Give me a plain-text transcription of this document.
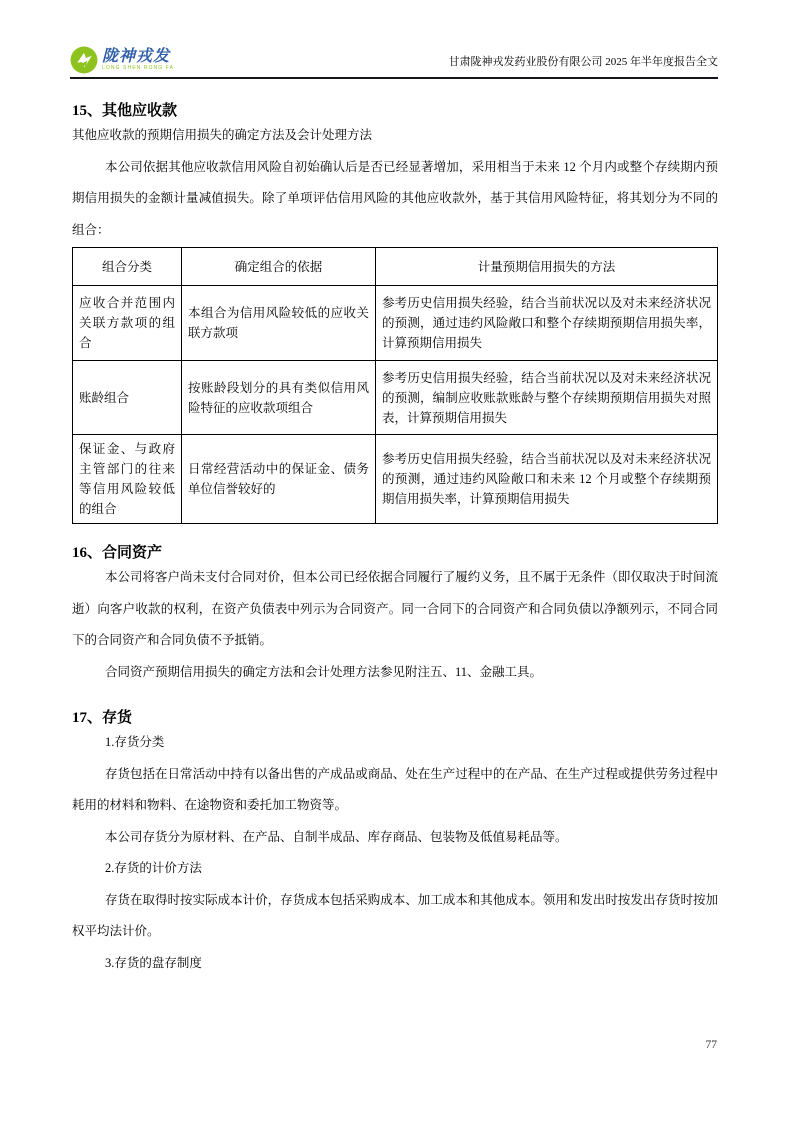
陇神戎发
LONG SHEN RONG FA	甘肃陇神戎发药业股份有限公司 2025 年半年度报告全文
15、其他应收款

其他应收款的预期信用损失的确定方法及会计处理方法

本公司依据其他应收款信用风险自初始确认后是否已经显著增加，采用相当于未来 12 个月内或整个存续期内预期信用损失的金额计量减值损失。除了单项评估信用风险的其他应收款外，基于其信用风险特征，将其划分为不同的组合：

组合分类	确定组合的依据	计量预期信用损失的方法
应收合并范围内关联方款项的组合	本组合为信用风险较低的应收关联方款项	参考历史信用损失经验，结合当前状况以及对未来经济状况的预测，通过违约风险敞口和整个存续期预期信用损失率，计算预期信用损失
账龄组合	按账龄段划分的具有类似信用风险特征的应收款项组合	参考历史信用损失经验，结合当前状况以及对未来经济状况的预测，编制应收账款账龄与整个存续期预期信用损失对照表，计算预期信用损失
保证金、与政府主管部门的往来等信用风险较低的组合	日常经营活动中的保证金、债务单位信誉较好的	参考历史信用损失经验，结合当前状况以及对未来经济状况的预测，通过违约风险敞口和未来 12 个月或整个存续期预期信用损失率，计算预期信用损失
16、合同资产

本公司将客户尚未支付合同对价，但本公司已经依据合同履行了履约义务，且不属于无条件（即仅取决于时间流逝）向客户收款的权利，在资产负债表中列示为合同资产。同一合同下的合同资产和合同负债以净额列示，不同合同下的合同资产和合同负债不予抵销。

合同资产预期信用损失的确定方法和会计处理方法参见附注五、11、金融工具。

17、存货

1.存货分类

存货包括在日常活动中持有以备出售的产成品或商品、处在生产过程中的在产品、在生产过程或提供劳务过程中耗用的材料和物料、在途物资和委托加工物资等。

本公司存货分为原材料、在产品、自制半成品、库存商品、包装物及低值易耗品等。

2.存货的计价方法

存货在取得时按实际成本计价，存货成本包括采购成本、加工成本和其他成本。领用和发出时按发出存货时按加权平均法计价。

3.存货的盘存制度

77
